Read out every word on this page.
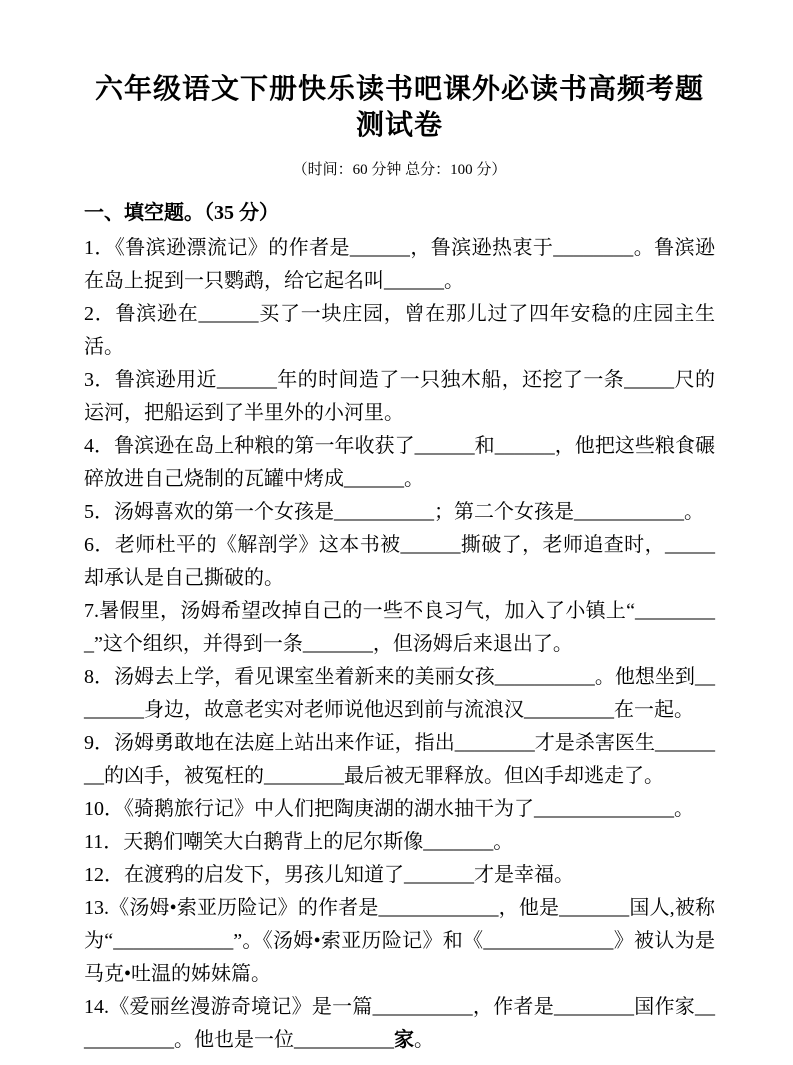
六年级语文下册快乐读书吧课外必读书高频考题测试卷

（时间：60 分钟 总分：100 分）

一、填空题。（35 分）

1．《鲁滨逊漂流记》的作者是______，鲁滨逊热衷于________。鲁滨逊在岛上捉到一只鹦鹉，给它起名叫______。

2．鲁滨逊在______买了一块庄园，曾在那儿过了四年安稳的庄园主生活。

3．鲁滨逊用近______年的时间造了一只独木船，还挖了一条_____尺的运河，把船运到了半里外的小河里。

4．鲁滨逊在岛上种粮的第一年收获了______和______，他把这些粮食碾碎放进自己烧制的瓦罐中烤成______。

5．汤姆喜欢的第一个女孩是__________；第二个女孩是___________。

6．老师杜平的《解剖学》这本书被______撕破了，老师追查时，_____却承认是自己撕破的。

7.暑假里，汤姆希望改掉自己的一些不良习气，加入了小镇上“_________”这个组织，并得到一条_______，但汤姆后来退出了。

8．汤姆去上学，看见课室坐着新来的美丽女孩__________。他想坐到________身边，故意老实对老师说他迟到前与流浪汉_________在一起。

9．汤姆勇敢地在法庭上站出来作证，指出________才是杀害医生________的凶手，被冤枉的________最后被无罪释放。但凶手却逃走了。

10．《骑鹅旅行记》中人们把陶庚湖的湖水抽干为了______________。

11．天鹅们嘲笑大白鹅背上的尼尔斯像_______。

12．在渡鸦的启发下，男孩儿知道了_______才是幸福。

13.《汤姆•索亚历险记》的作者是____________，他是_______国人,被称为“____________”。《汤姆•索亚历险记》和《_____________》被认为是马克•吐温的姊妹篇。

14.《爱丽丝漫游奇境记》是一篇__________，作者是________国作家___________。他也是一位__________家。
